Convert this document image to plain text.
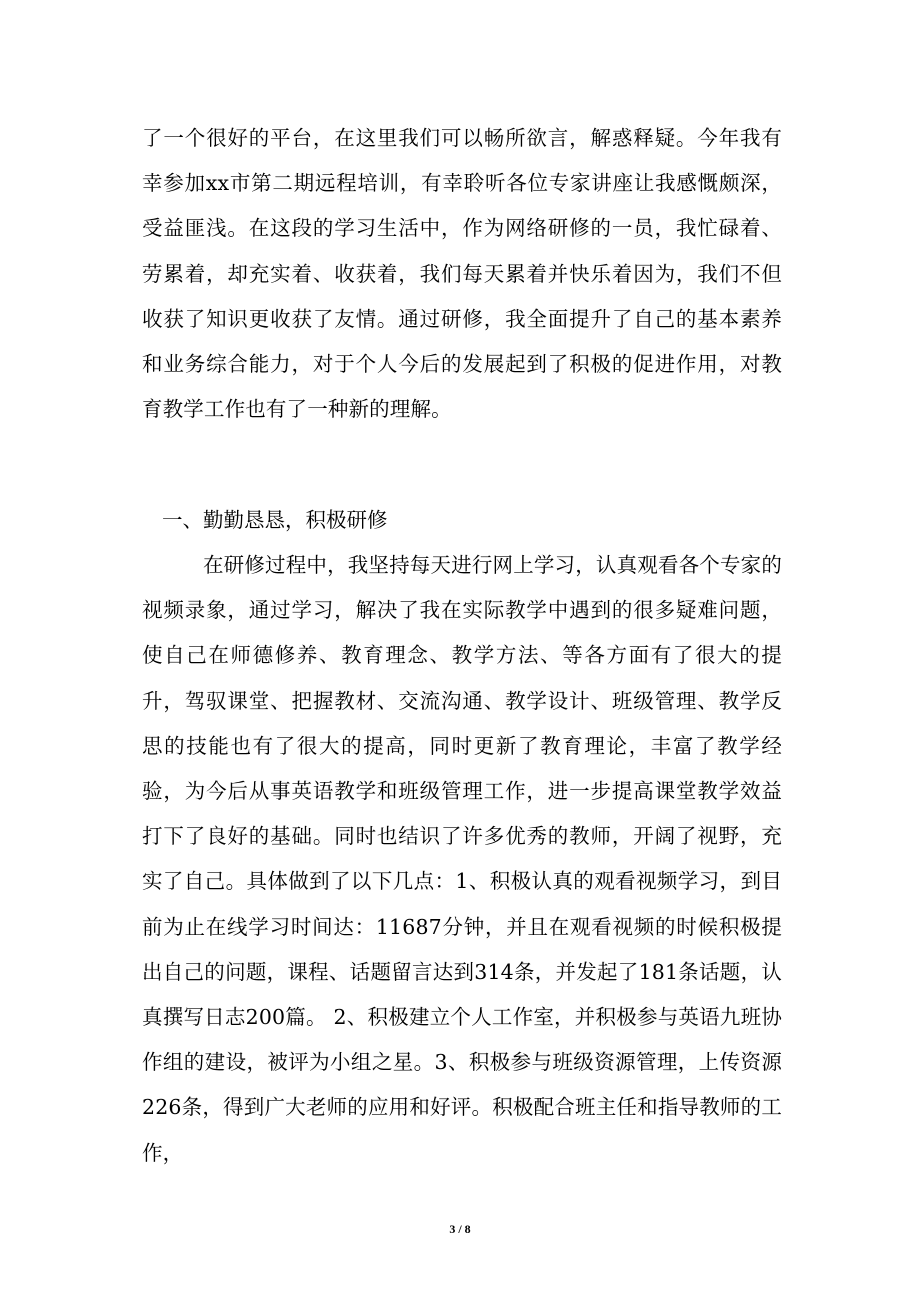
了一个很好的平台，在这里我们可以畅所欲言，解惑释疑。今年我有幸参加xx市第二期远程培训，有幸聆听各位专家讲座让我感慨颇深，受益匪浅。在这段的学习生活中，作为网络研修的一员，我忙碌着、劳累着，却充实着、收获着，我们每天累着并快乐着因为，我们不但收获了知识更收获了友情。通过研修，我全面提升了自己的基本素养和业务综合能力，对于个人今后的发展起到了积极的促进作用，对教育教学工作也有了一种新的理解。

一、勤勤恳恳，积极研修

在研修过程中，我坚持每天进行网上学习，认真观看各个专家的视频录象，通过学习，解决了我在实际教学中遇到的很多疑难问题，使自己在师德修养、教育理念、教学方法、等各方面有了很大的提升，驾驭课堂、把握教材、交流沟通、教学设计、班级管理、教学反思的技能也有了很大的提高，同时更新了教育理论，丰富了教学经验，为今后从事英语教学和班级管理工作，进一步提高课堂教学效益打下了良好的基础。同时也结识了许多优秀的教师，开阔了视野，充实了自己。具体做到了以下几点：1、积极认真的观看视频学习，到目前为止在线学习时间达：11687分钟，并且在观看视频的时候积极提出自己的问题，课程、话题留言达到314条，并发起了181条话题，认真撰写日志200篇。 2、积极建立个人工作室，并积极参与英语九班协作组的建设，被评为小组之星。3、积极参与班级资源管理，上传资源226条，得到广大老师的应用和好评。积极配合班主任和指导教师的工作，

3 / 8
